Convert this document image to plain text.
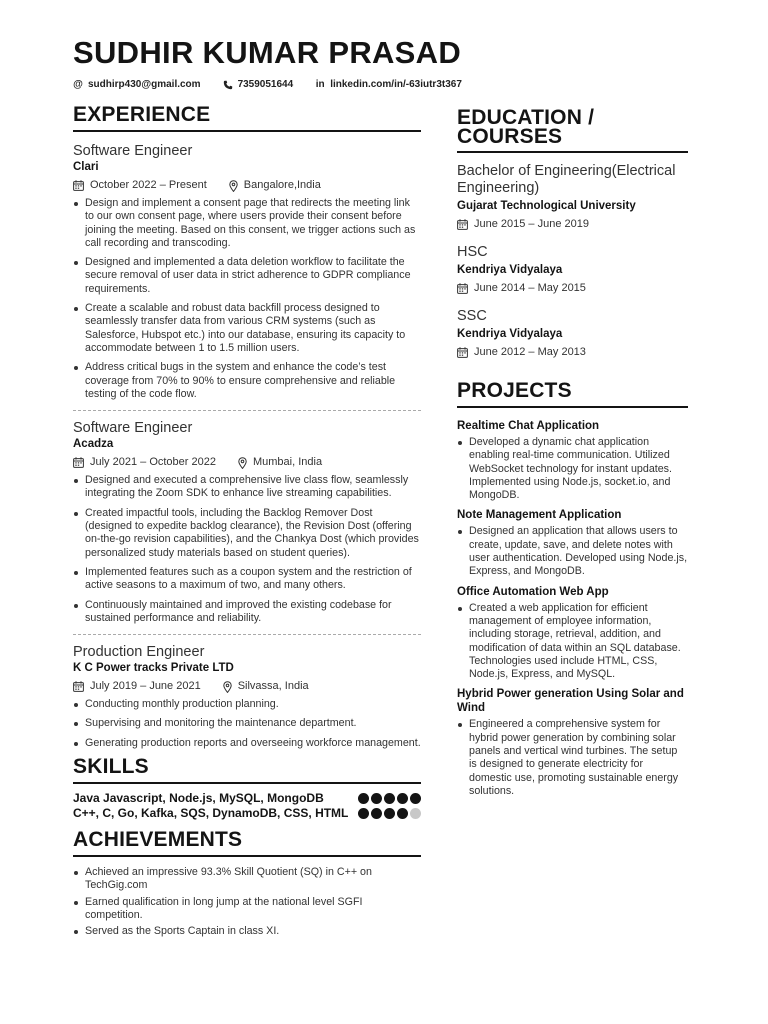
SUDHIR KUMAR PRASAD
@ sudhirp430@gmail.com	7359051644 in linkedin.com/in/-63iutr3t367
EXPERIENCE
Software Engineer
Clari
October 2022 – Present	Bangalore,India
Design and implement a consent page that redirects the meeting link to our own consent page, where users provide their consent before joining the meeting. Based on this consent, we trigger actions such as call recording and transcoding.
Designed and implemented a data deletion workflow to facilitate the secure removal of user data in strict adherence to GDPR compliance requirements.
Create a scalable and robust data backfill process designed to seamlessly transfer data from various CRM systems (such as Salesforce, Hubspot etc.) into our database, ensuring its capacity to accommodate between 1 to 1.5 million users.
Address critical bugs in the system and enhance the code’s test coverage from 70% to 90% to ensure comprehensive and reliable testing of the code flow.
Software Engineer
Acadza
July 2021 – October 2022	Mumbai, India
Designed and executed a comprehensive live class flow, seamlessly integrating the Zoom SDK to enhance live streaming capabilities.
Created impactful tools, including the Backlog Remover Dost (designed to expedite backlog clearance), the Revision Dost (offering on-the-go revision capabilities), and the Chankya Dost (which provides personalized study materials based on student queries).
Implemented features such as a coupon system and the restriction of active seasons to a maximum of two, and many others.
Continuously maintained and improved the existing codebase for sustained performance and reliability.
Production Engineer
K C Power tracks Private LTD
July 2019 – June 2021	Silvassa, India
Conducting monthly production planning.
Supervising and monitoring the maintenance department.
Generating production reports and overseeing workforce management.
SKILLS
Java Javascript, Node.js, MySQL, MongoDB
C++, C, Go, Kafka, SQS, DynamoDB, CSS, HTML
ACHIEVEMENTS
Achieved an impressive 93.3% Skill Quotient (SQ) in C++ on TechGig.com
Earned qualification in long jump at the national level SGFI competition.
Served as the Sports Captain in class XI.
EDUCATION /
COURSES
Bachelor of Engineering(Electrical Engineering)
Gujarat Technological University
June 2015 – June 2019
HSC
Kendriya Vidyalaya
June 2014 – May 2015
SSC
Kendriya Vidyalaya
June 2012 – May 2013
PROJECTS
Realtime Chat Application
Developed a dynamic chat application enabling real-time communication. Utilized WebSocket technology for instant updates. Implemented using Node.js, socket.io, and MongoDB.
Note Management Application
Designed an application that allows users to create, update, save, and delete notes with user authentication. Developed using Node.js, Express, and MongoDB.
Office Automation Web App
Created a web application for efficient management of employee information, including storage, retrieval, addition, and modification of data within an SQL database. Technologies used include HTML, CSS, Node.js, Express, and MySQL.
Hybrid Power generation Using Solar and Wind
Engineered a comprehensive system for hybrid power generation by combining solar panels and vertical wind turbines. The setup is designed to generate electricity for domestic use, promoting sustainable energy solutions.
